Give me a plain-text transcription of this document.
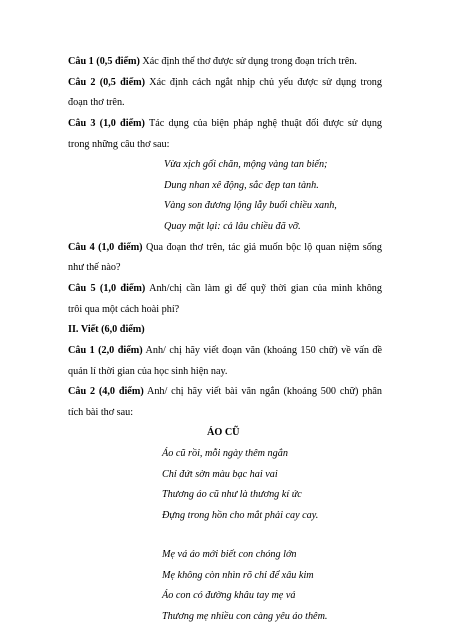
Câu 1 (0,5 điểm) Xác định thể thơ được sử dụng trong đoạn trích trên.
Câu 2 (0,5 điểm) Xác định cách ngắt nhịp chủ yếu được sử dụng trong
đoạn thơ trên.
Câu 3 (1,0 điểm) Tác dụng của biện pháp nghệ thuật đối được sử dụng
trong những câu thơ sau:
Vừa xịch gối chăn, mộng vàng tan biến;
Dung nhan xê động, sắc đẹp tan tành.
Vàng son đương lộng lẫy buổi chiều xanh,
Quay mặt lại: cả lâu chiều đã vỡ.
Câu 4 (1,0 điểm) Qua đoạn thơ trên, tác giả muốn bộc lộ quan niệm sống
như thế nào?
Câu 5 (1,0 điểm) Anh/chị cần làm gì để quỹ thời gian của mình không
trôi qua một cách hoài phí?
II. Viết (6,0 điểm)
Câu 1 (2,0 điểm) Anh/ chị hãy viết đoạn văn (khoảng 150 chữ) về vấn đề
quản lí thời gian của học sinh hiện nay.
Câu 2 (4,0 điểm) Anh/ chị hãy viết bài văn ngắn (khoảng 500 chữ) phân
tích bài thơ sau:
ÁO CŨ
Áo cũ rồi, mỗi ngày thêm ngắn
Chỉ đứt sờn màu bạc hai vai
Thương áo cũ như là thương kí ức
Đựng trong hồn cho mắt phải cay cay.
Mẹ vá áo mới biết con chóng lớn
Mẹ không còn nhìn rõ chỉ để xâu kim
Áo con có đường khâu tay mẹ vá
Thương mẹ nhiều con càng yêu áo thêm.
